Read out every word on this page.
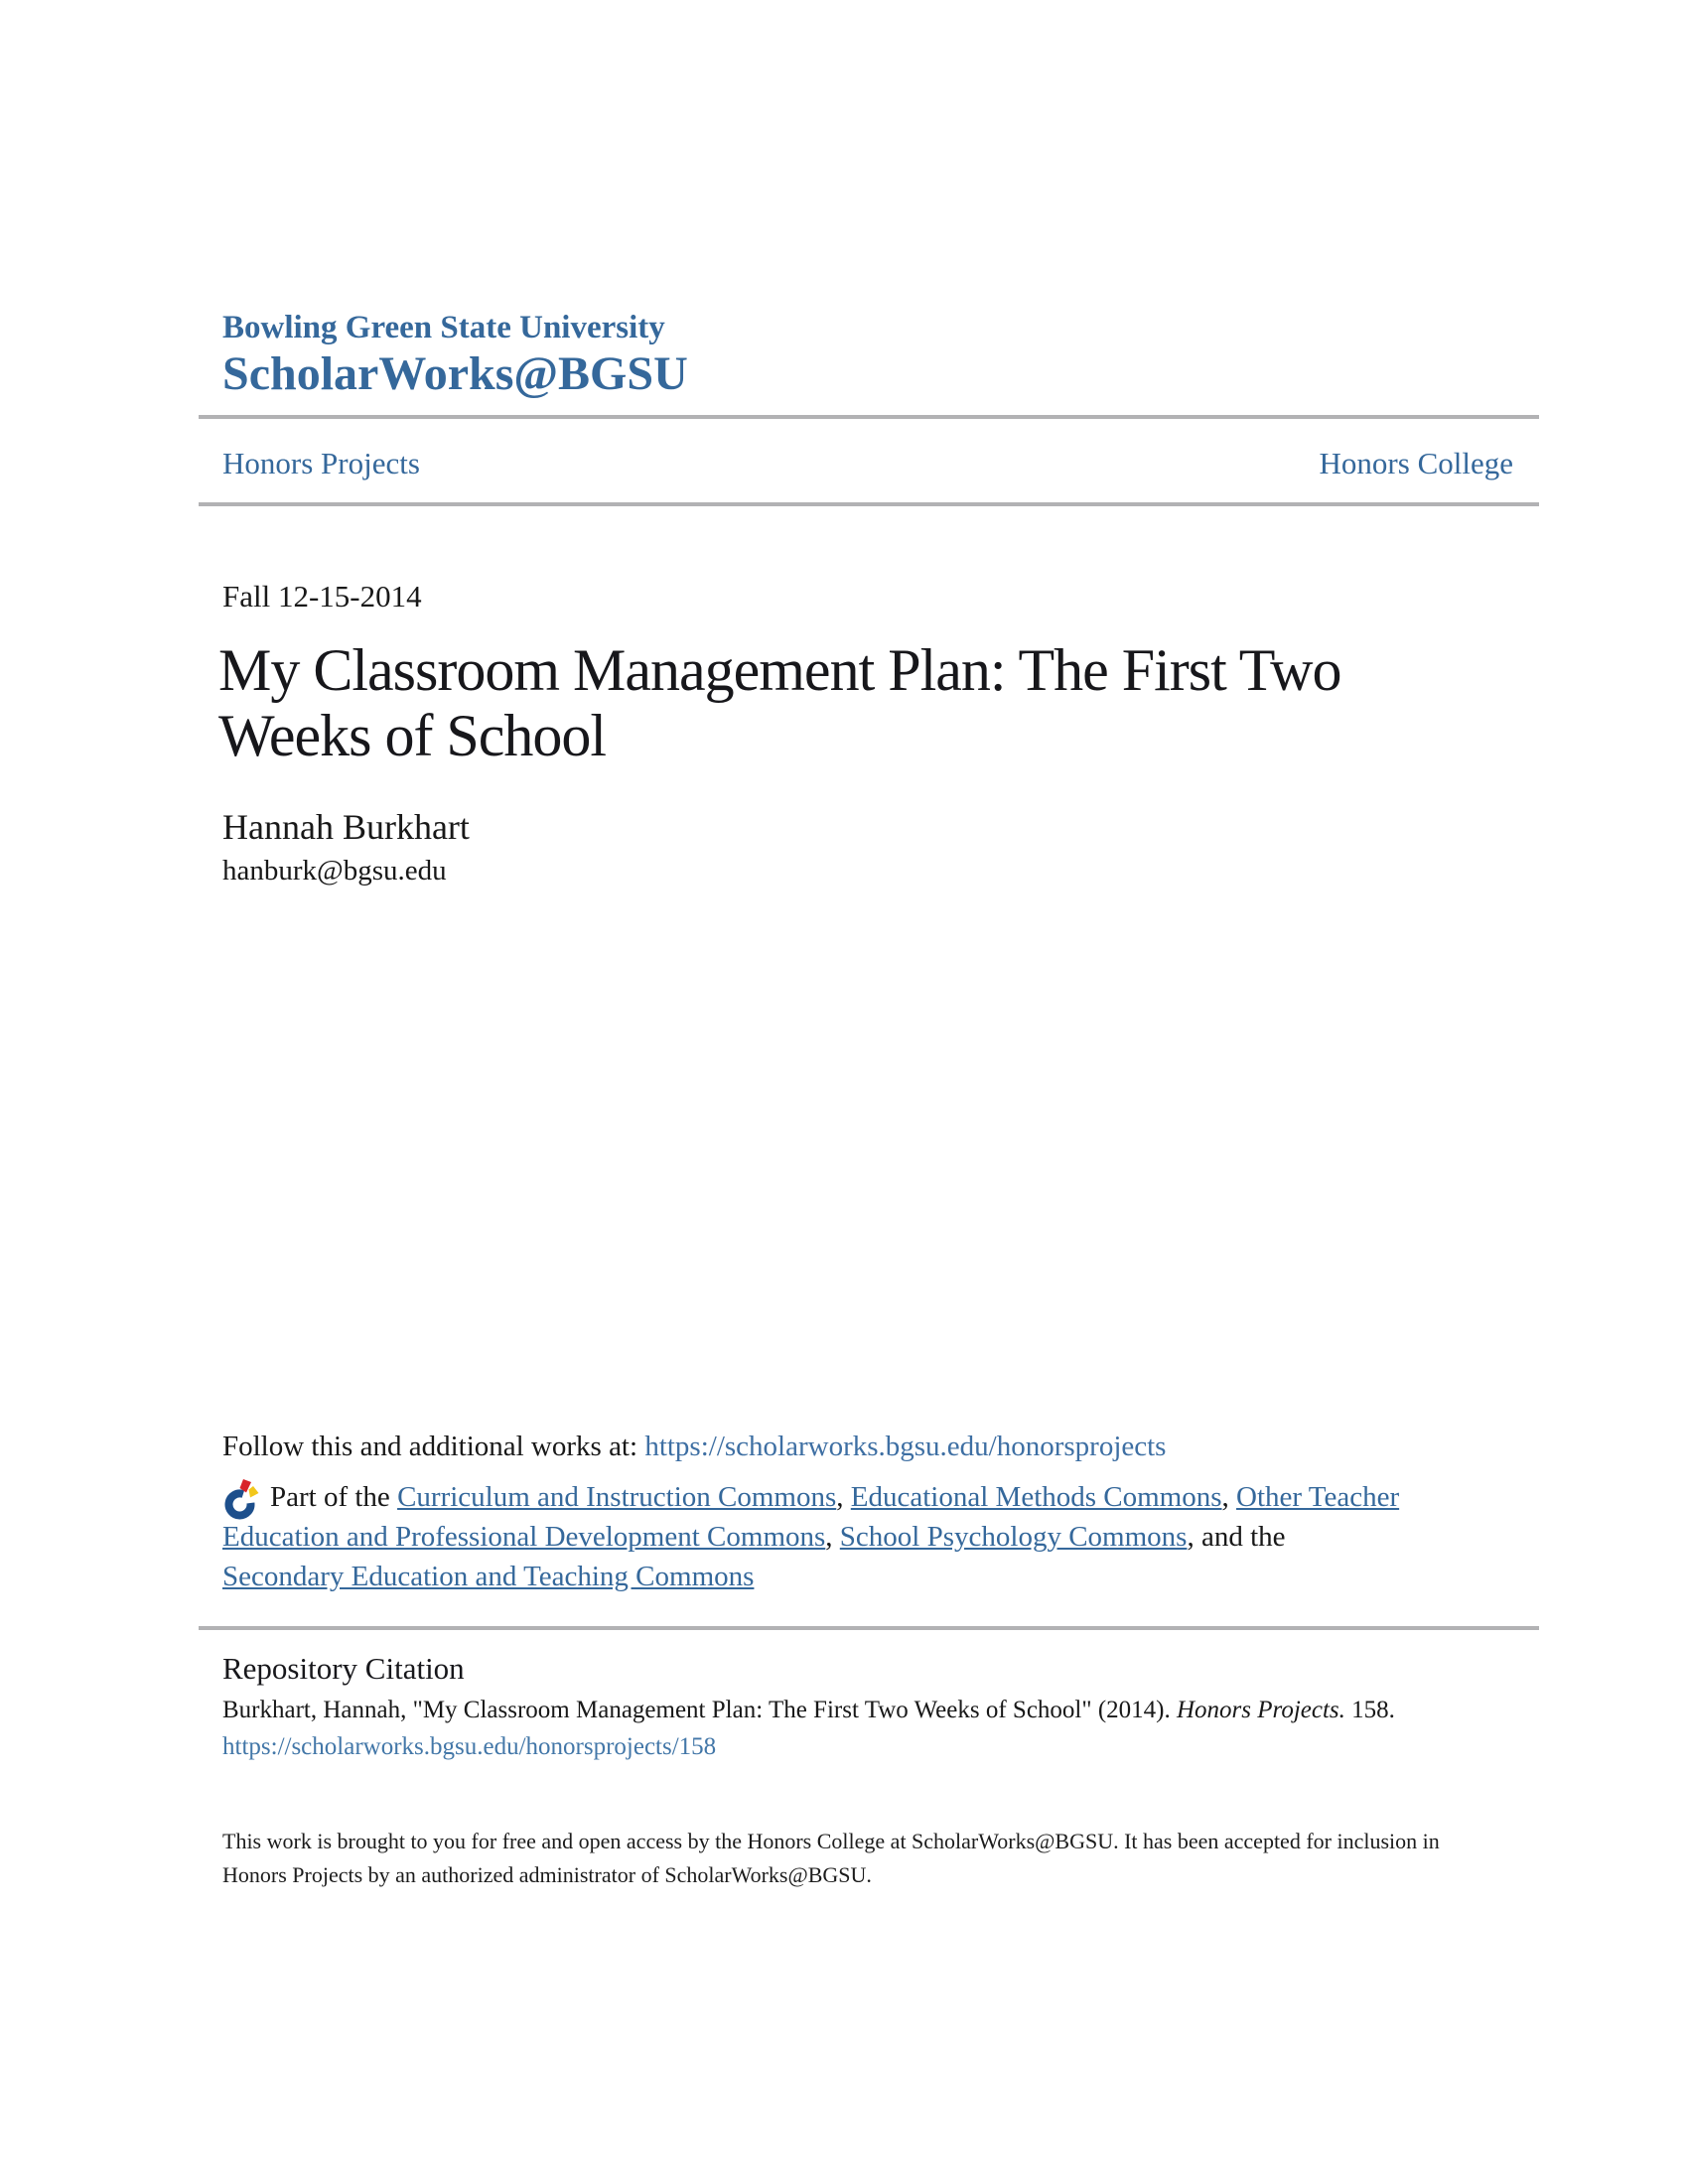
Bowling Green State University
ScholarWorks@BGSU
Honors Projects	Honors College
Fall 12-15-2014
My Classroom Management Plan: The First Two
Weeks of School
Hannah Burkhart
hanburk@bgsu.edu

Follow this and additional works at: https://scholarworks.bgsu.edu/honorsprojects

Part of the Curriculum and Instruction Commons, Educational Methods Commons, Other Teacher Education and Professional Development Commons, School Psychology Commons, and the Secondary Education and Teaching Commons

Repository Citation

Burkhart, Hannah, "My Classroom Management Plan: The First Two Weeks of School" (2014). Honors Projects. 158.

https://scholarworks.bgsu.edu/honorsprojects/158

This work is brought to you for free and open access by the Honors College at ScholarWorks@BGSU. It has been accepted for inclusion in Honors Projects by an authorized administrator of ScholarWorks@BGSU.
